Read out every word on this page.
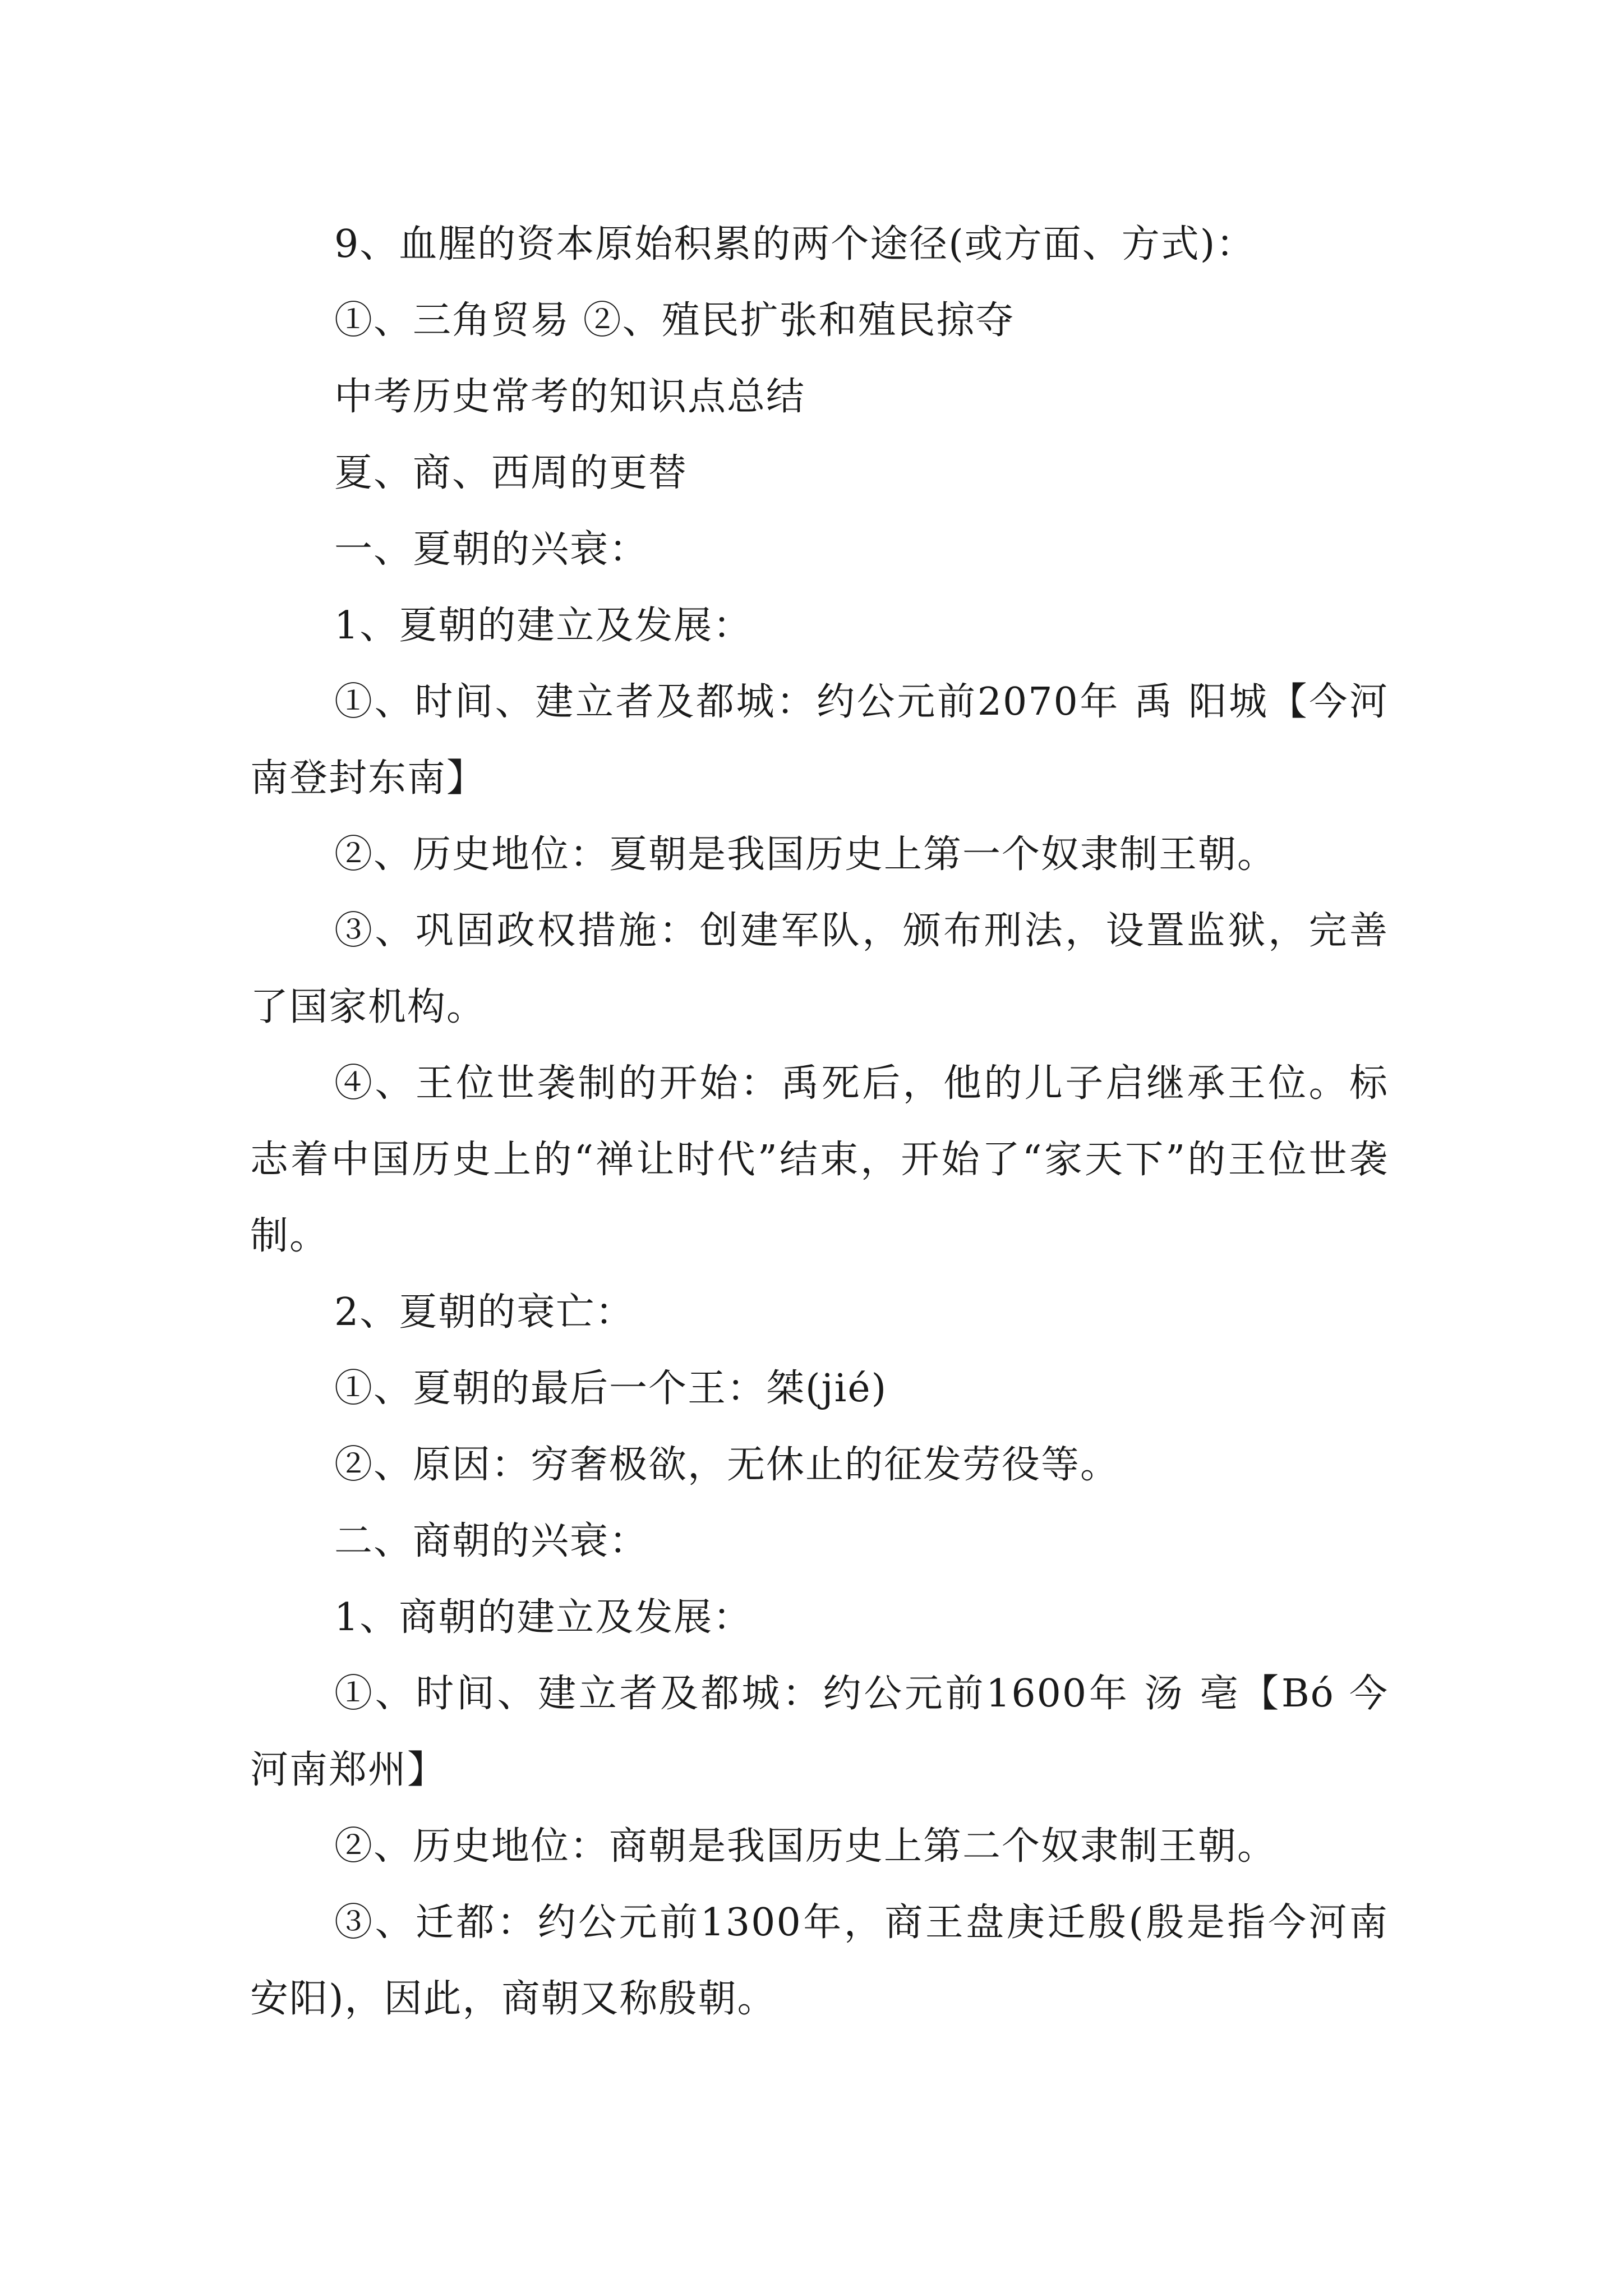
9、血腥的资本原始积累的两个途径(或方面、方式)：

①、三角贸易 ②、殖民扩张和殖民掠夺

中考历史常考的知识点总结

夏、商、西周的更替

一、夏朝的兴衰：

1、夏朝的建立及发展：

①、时间、建立者及都城：约公元前2070年 禹 阳城【今河南登封东南】

②、历史地位：夏朝是我国历史上第一个奴隶制王朝。

③、巩固政权措施：创建军队，颁布刑法，设置监狱，完善了国家机构。

④、王位世袭制的开始：禹死后，他的儿子启继承王位。标志着中国历史上的“禅让时代”结束，开始了“家天下”的王位世袭制。

2、夏朝的衰亡：

①、夏朝的最后一个王：桀(jié)

②、原因：穷奢极欲，无休止的征发劳役等。

二、商朝的兴衰：

1、商朝的建立及发展：

①、时间、建立者及都城：约公元前1600年 汤 亳【Bó 今河南郑州】

②、历史地位：商朝是我国历史上第二个奴隶制王朝。

③、迁都：约公元前1300年，商王盘庚迁殷(殷是指今河南安阳)，因此，商朝又称殷朝。
